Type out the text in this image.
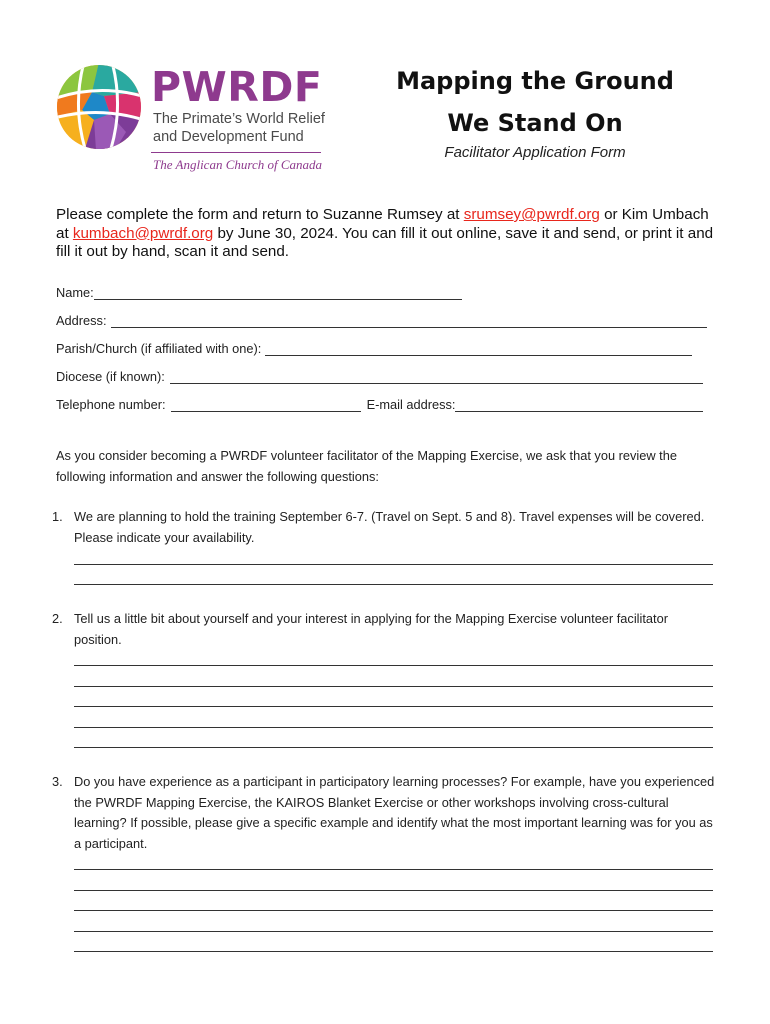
PWRDF
The Primate’s World Relief
and Development Fund
The Anglican Church of Canada
Mapping the Ground
We Stand On
Facilitator Application Form
Please complete the form and return to Suzanne Rumsey at srumsey@pwrdf.org or Kim Umbach at kumbach@pwrdf.org by June 30, 2024. You can fill it out online, save it and send, or print it and fill it out by hand, scan it and send.
Name:
Address:
Parish/Church (if affiliated with one):
Diocese (if known):
Telephone number:	E-mail address:
As you consider becoming a PWRDF volunteer facilitator of the Mapping Exercise, we ask that you review the following information and answer the following questions:
1. We are planning to hold the training September 6-7. (Travel on Sept. 5 and 8). Travel expenses will be covered. Please indicate your availability.
2. Tell us a little bit about yourself and your interest in applying for the Mapping Exercise volunteer facilitator position.
3. Do you have experience as a participant in participatory learning processes? For example, have you experienced the PWRDF Mapping Exercise, the KAIROS Blanket Exercise or other workshops involving cross-cultural learning? If possible, please give a specific example and identify what the most important learning was for you as a participant.
